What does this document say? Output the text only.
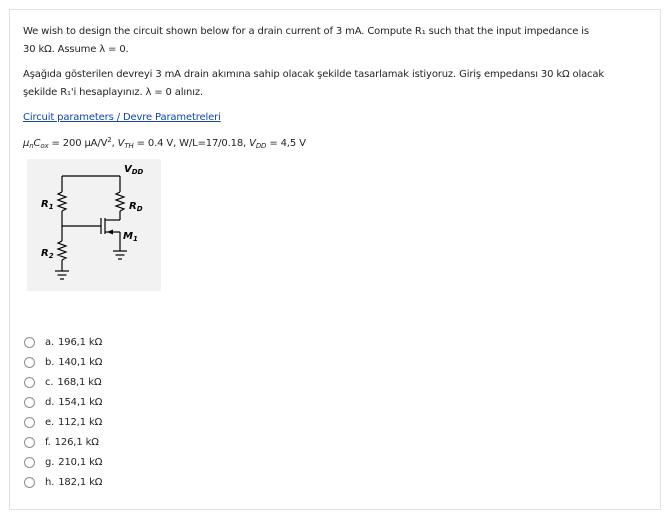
We wish to design the circuit shown below for a drain current of 3 mA. Compute R₁ such that the input impedance is
30 kΩ. Assume λ = 0.
Aşağıda gösterilen devreyi 3 mA drain akımına sahip olacak şekilde tasarlamak istiyoruz. Giriş empedansı 30 kΩ olacak
şekilde R₁'i hesaplayınız. λ = 0 alınız.
Circuit parameters / Devre Parametreleri
$\mu_nC_{ox} = 200$ $\mu A/V^2$, $V_{TH} = 0.4$ V, W/L=17/0.18, $V_{DD} = 4,5$ V
$V_{DD}$
$R_1$	$R_D$
$M_1$
$R_2$
a. 196,1 kΩ
b. 140,1 kΩ
c. 168,1 kΩ
d. 154,1 kΩ
e. 112,1 kΩ
f. 126,1 kΩ
g. 210,1 kΩ
h. 182,1 kΩ
